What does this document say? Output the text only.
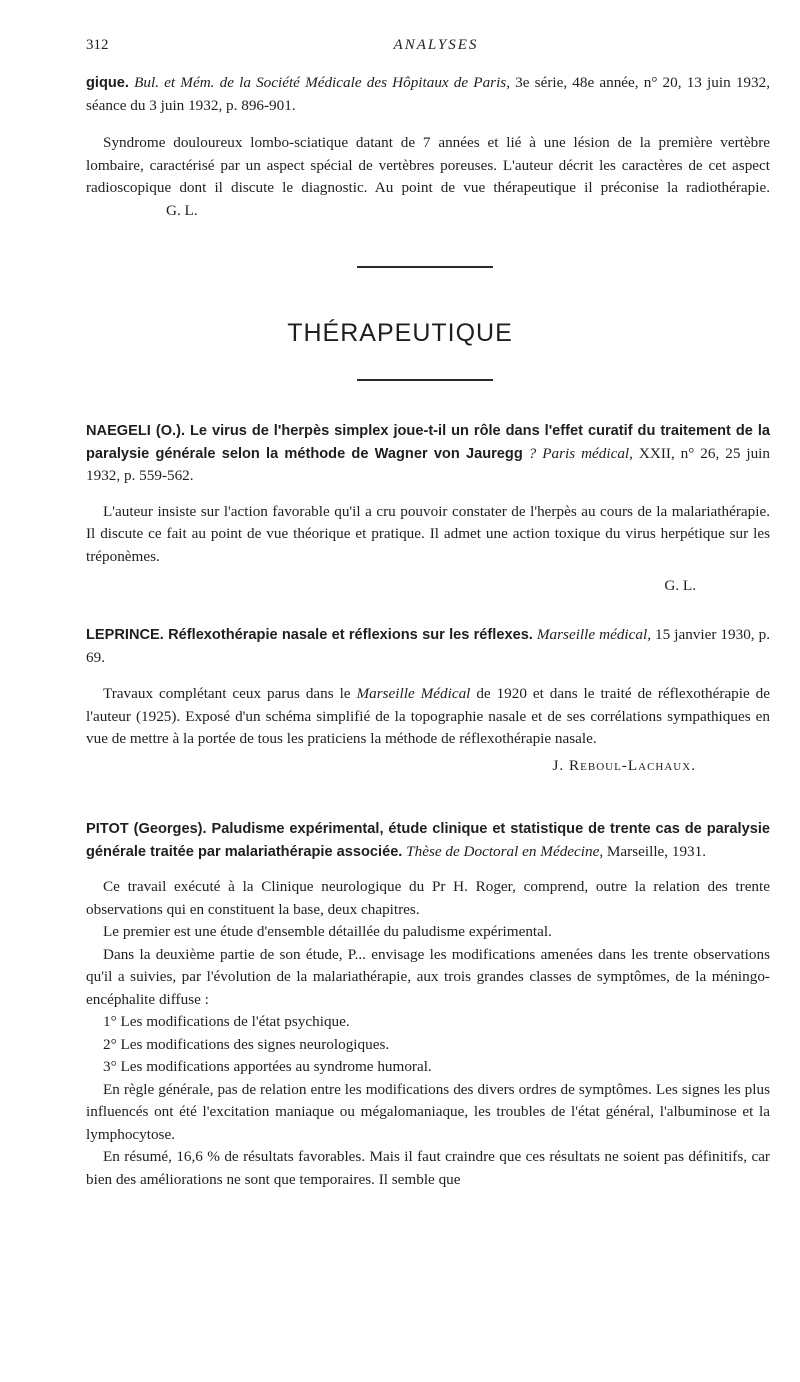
312	ANALYSES

gique. Bul. et Mém. de la Société Médicale des Hôpitaux de Paris, 3e série, 48e année, n° 20, 13 juin 1932, séance du 3 juin 1932, p. 896-901.

Syndrome douloureux lombo-sciatique datant de 7 années et lié à une lésion de la première vertèbre lombaire, caractérisé par un aspect spécial de vertèbres poreuses. L'auteur décrit les caractères de cet aspect radioscopique dont il discute le diagnostic. Au point de vue thérapeutique il préconise la radiothérapie.G. L.

THÉRAPEUTIQUE

NAEGELI (O.). Le virus de l'herpès simplex joue-t-il un rôle dans l'effet curatif du traitement de la paralysie générale selon la méthode de Wagner von Jauregg ? Paris médical, XXII, n° 26, 25 juin 1932, p. 559-562.

L'auteur insiste sur l'action favorable qu'il a cru pouvoir constater de l'herpès au cours de la malariathérapie. Il discute ce fait au point de vue théorique et pratique. Il admet une action toxique du virus herpétique sur les tréponèmes.

G. L.

LEPRINCE. Réflexothérapie nasale et réflexions sur les réflexes. Marseille médical, 15 janvier 1930, p. 69.

Travaux complétant ceux parus dans le Marseille Médical de 1920 et dans le traité de réflexothérapie de l'auteur (1925). Exposé d'un schéma simplifié de la topographie nasale et de ses corrélations sympathiques en vue de mettre à la portée de tous les praticiens la méthode de réflexothérapie nasale.

J. Reboul-Lachaux.

PITOT (Georges). Paludisme expérimental, étude clinique et statistique de trente cas de paralysie générale traitée par malariathérapie associée. Thèse de Doctoral en Médecine, Marseille, 1931.

Ce travail exécuté à la Clinique neurologique du Pr H. Roger, comprend, outre la relation des trente observations qui en constituent la base, deux chapitres.

Le premier est une étude d'ensemble détaillée du paludisme expérimental.

Dans la deuxième partie de son étude, P... envisage les modifications amenées dans les trente observations qu'il a suivies, par l'évolution de la malariathérapie, aux trois grandes classes de symptômes, de la méningo-encéphalite diffuse :

1° Les modifications de l'état psychique.

2° Les modifications des signes neurologiques.

3° Les modifications apportées au syndrome humoral.

En règle générale, pas de relation entre les modifications des divers ordres de symptômes. Les signes les plus influencés ont été l'excitation maniaque ou mégalomaniaque, les troubles de l'état général, l'albuminose et la lymphocytose.

En résumé, 16,6 % de résultats favorables. Mais il faut craindre que ces résultats ne soient pas définitifs, car bien des améliorations ne sont que temporaires. Il semble que
